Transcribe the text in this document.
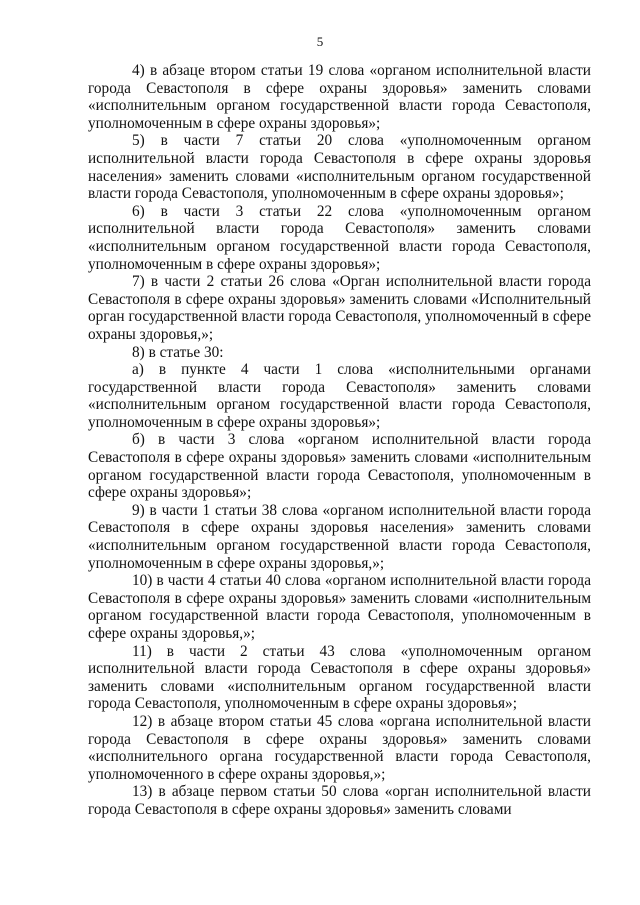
5

4) в абзаце втором статьи 19 слова «органом исполнительной власти города Севастополя в сфере охраны здоровья» заменить словами «исполнительным органом государственной власти города Севастополя, уполномоченным в сфере охраны здоровья»;

5) в части 7 статьи 20 слова «уполномоченным органом исполнительной власти города Севастополя в сфере охраны здоровья населения» заменить словами «исполнительным органом государственной власти города Севастополя, уполномоченным в сфере охраны здоровья»;

6) в части 3 статьи 22 слова «уполномоченным органом исполнительной власти города Севастополя» заменить словами «исполнительным органом государственной власти города Севастополя, уполномоченным в сфере охраны здоровья»;

7) в части 2 статьи 26 слова «Орган исполнительной власти города Севастополя в сфере охраны здоровья» заменить словами «Исполнительный орган государственной власти города Севастополя, уполномоченный в сфере охраны здоровья,»;

8) в статье 30:

а) в пункте 4 части 1 слова «исполнительными органами государственной власти города Севастополя» заменить словами «исполнительным органом государственной власти города Севастополя, уполномоченным в сфере охраны здоровья»;

б) в части 3 слова «органом исполнительной власти города Севастополя в сфере охраны здоровья» заменить словами «исполнительным органом государственной власти города Севастополя, уполномоченным в сфере охраны здоровья»;

9) в части 1 статьи 38 слова «органом исполнительной власти города Севастополя в сфере охраны здоровья населения» заменить словами «исполнительным органом государственной власти города Севастополя, уполномоченным в сфере охраны здоровья,»;

10) в части 4 статьи 40 слова «органом исполнительной власти города Севастополя в сфере охраны здоровья» заменить словами «исполнительным органом государственной власти города Севастополя, уполномоченным в сфере охраны здоровья,»;

11) в части 2 статьи 43 слова «уполномоченным органом исполнительной власти города Севастополя в сфере охраны здоровья» заменить словами «исполнительным органом государственной власти города Севастополя, уполномоченным в сфере охраны здоровья»;

12) в абзаце втором статьи 45 слова «органа исполнительной власти города Севастополя в сфере охраны здоровья» заменить словами «исполнительного органа государственной власти города Севастополя, уполномоченного в сфере охраны здоровья,»;

13) в абзаце первом статьи 50 слова «орган исполнительной власти города Севастополя в сфере охраны здоровья» заменить словами
